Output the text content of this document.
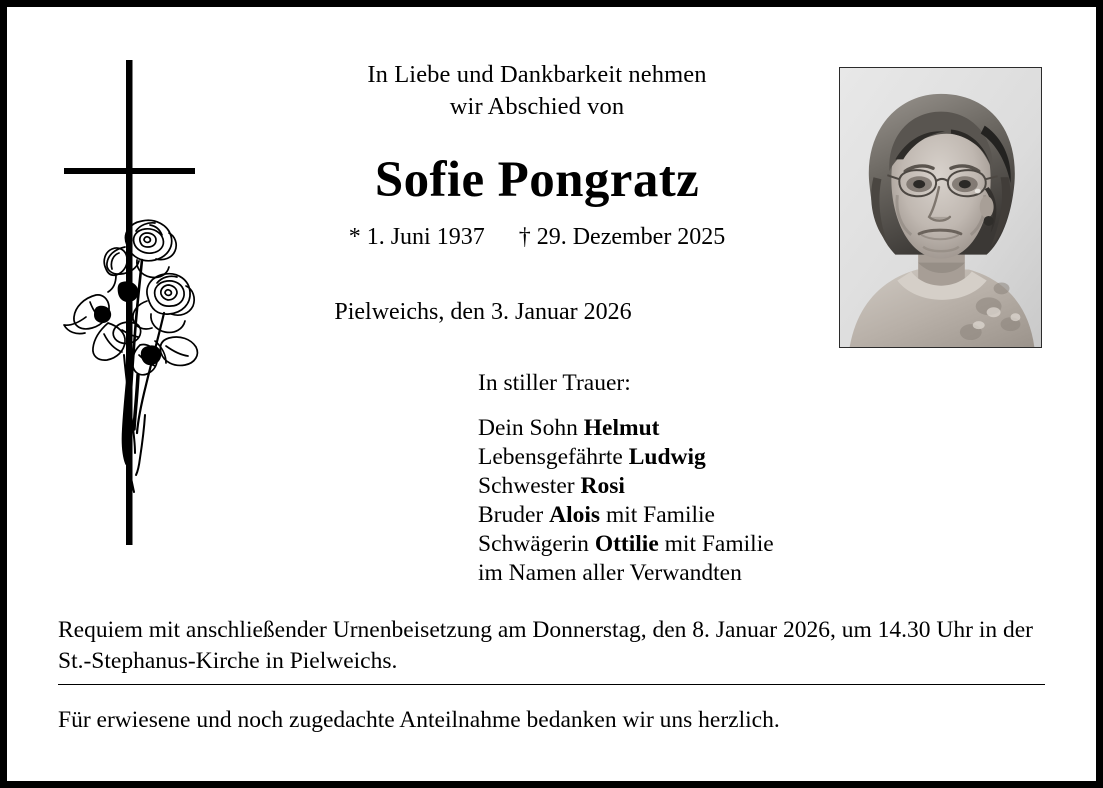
In Liebe und Dankbarkeit nehmen
wir Abschied von
Sofie Pongratz
* 1. Juni 1937 † 29. Dezember 2025
Pielweichs, den 3. Januar 2026
In stiller Trauer:
Dein Sohn Helmut
Lebensgefährte Ludwig
Schwester Rosi
Bruder Alois mit Familie
Schwägerin Ottilie mit Familie
im Namen aller Verwandten
Requiem mit anschließender Urnenbeisetzung am Donnerstag, den 8. Januar 2026, um 14.30 Uhr in der St.-Stephanus-Kirche in Pielweichs.
Für erwiesene und noch zugedachte Anteilnahme bedanken wir uns herzlich.
